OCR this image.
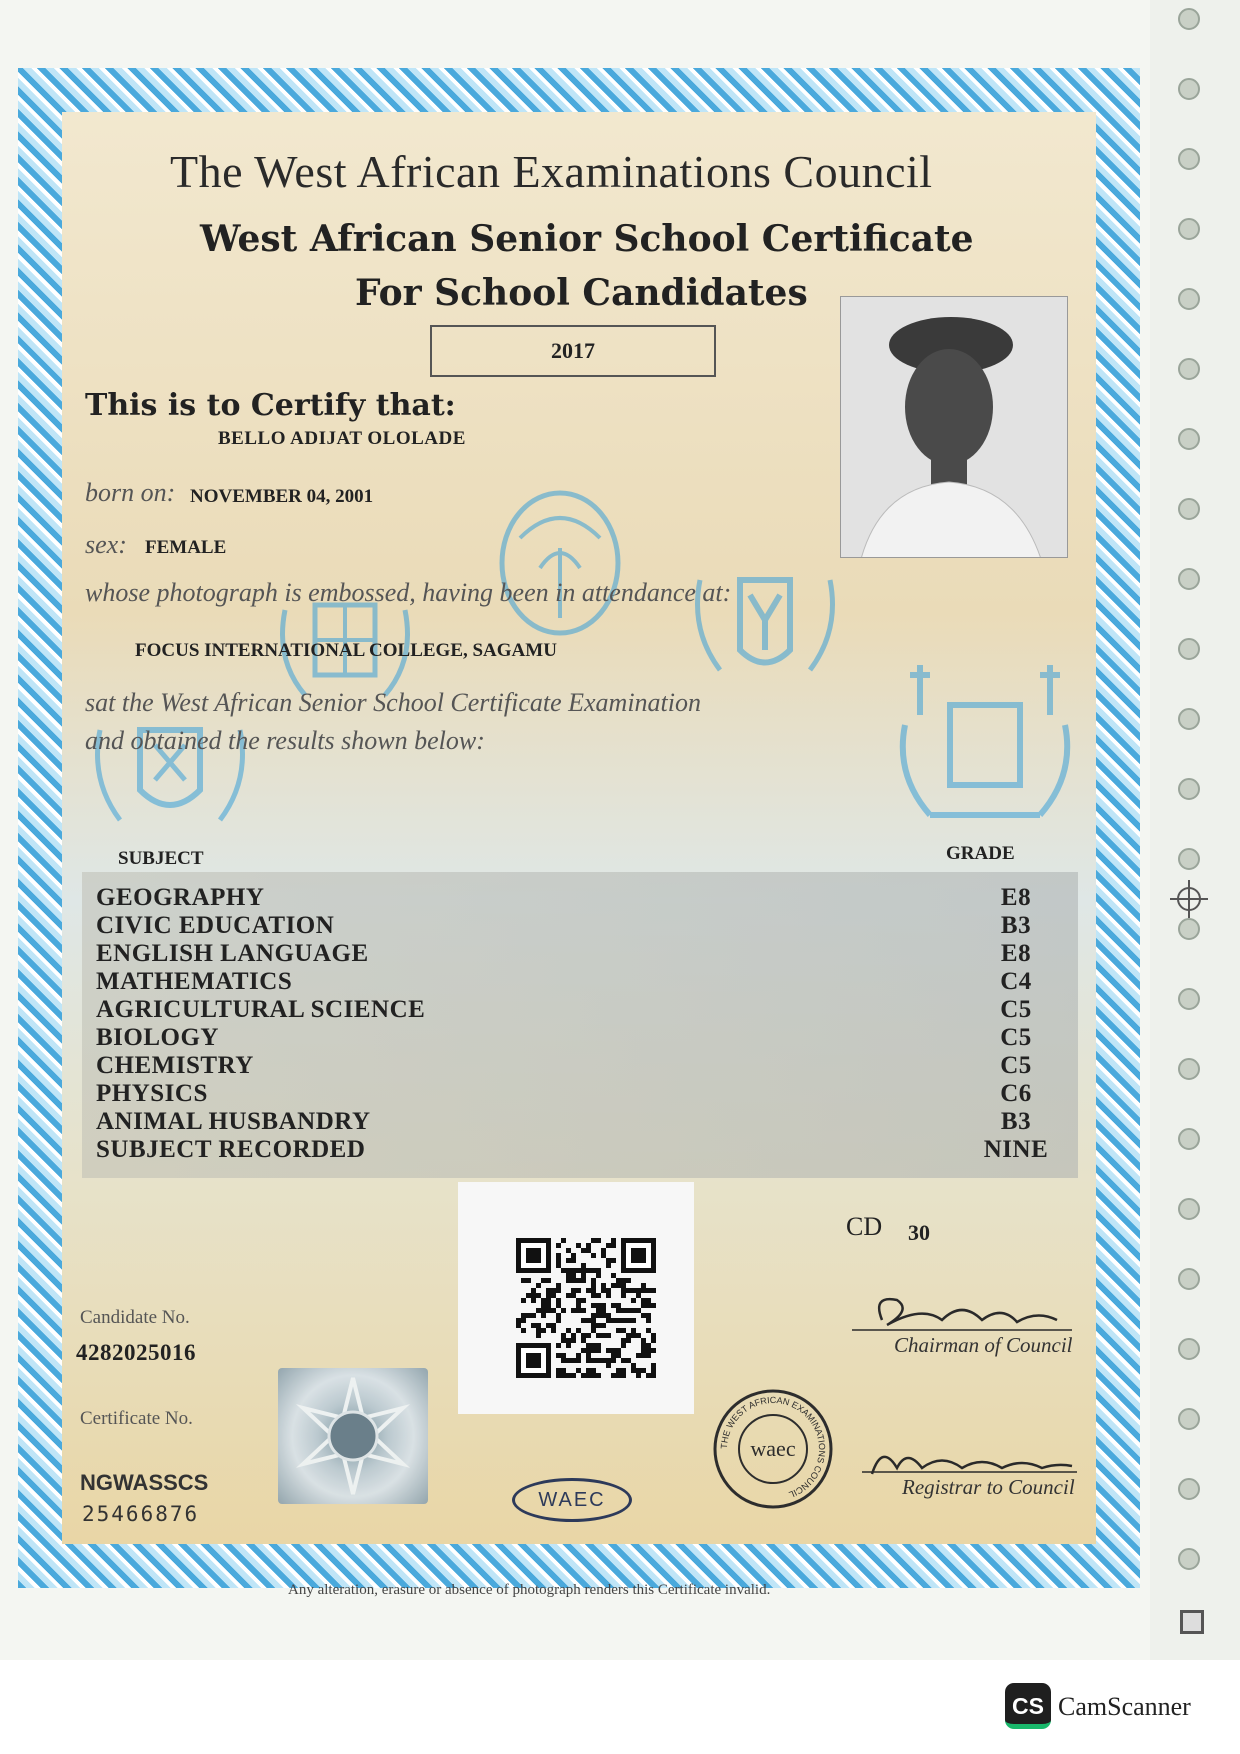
The West African Examinations Council
West African Senior School Certificate
For School Candidates
2017
This is to Certify that:
BELLO ADIJAT OLOLADE
born on: NOVEMBER 04, 2001
sex: FEMALE
whose photograph is embossed, having been in attendance at:
FOCUS INTERNATIONAL COLLEGE, SAGAMU
sat the West African Senior School Certificate Examination
and obtained the results shown below:
SUBJECT	GRADE
GEOGRAPHY	E8
CIVIC EDUCATION	B3
ENGLISH LANGUAGE	E8
MATHEMATICS	C4
AGRICULTURAL SCIENCE	C5
BIOLOGY	C5
CHEMISTRY	C5
PHYSICS	C6
ANIMAL HUSBANDRY	B3
SUBJECT RECORDED	NINE
CD 30
Candidate No.
4282025016
Certificate No.
NGWASSCS
25466876
THE WEST AFRICAN EXAMINATIONS COUNCIL
waec
WAEC
Chairman of Council
Registrar to Council
Any alteration, erasure or absence of photograph renders this Certificate invalid.
CS CamScanner
